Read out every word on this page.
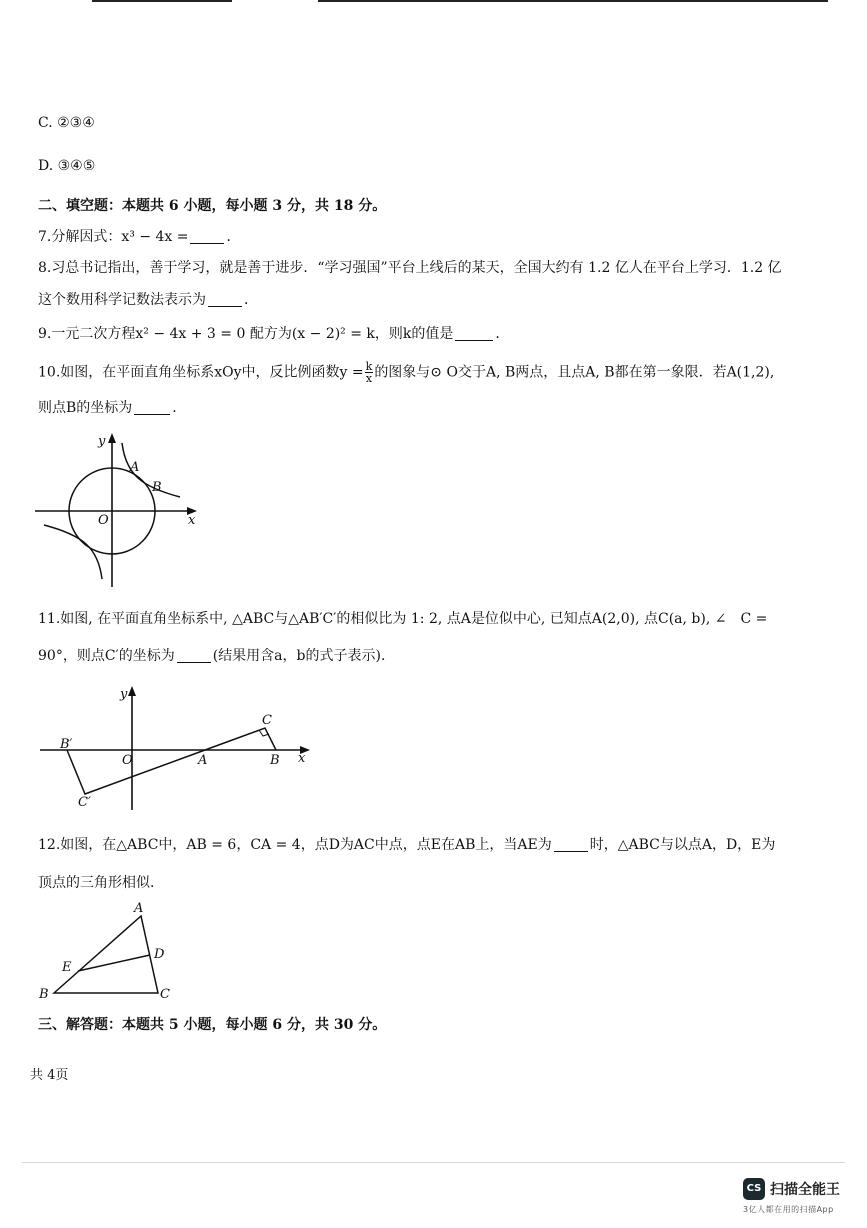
C. ②③④
D. ③④⑤
二、填空题：本题共 6 小题，每小题 3 分，共 18 分。
7.分解因式：x³ − 4x =	．
8.习总书记指出，善于学习，就是善于进步．“学习强国”平台上线后的某天，全国大约有 1.2 亿人在平台上学习．1.2 亿
这个数用科学记数法表示为	．
9.一元二次方程x² − 4x + 3 = 0 配方为(x − 2)² = k，则k的值是	．
10.如图，在平面直角坐标系xOy中，反比例函数$y = \frac{k}{x}$ 的图象与⊙ O交于A, B两点，且点A, B都在第一象限．若A(1,2),
则点B的坐标为	．
A
B
O	x
y
11.如图, 在平面直角坐标系中, △ABC与△AB′C′的相似比为 1: 2, 点A是位似中心, 已知点A(2,0), 点C(a, b), ∠　C =
90°，则点C′的坐标为	(结果用含a，b的式子表示).
C
A	B
O	x
y
B′
C′
12.如图，在△ABC中，AB = 6，CA = 4，点D为AC中点，点E在AB上，当AE为	时，△ABC与以点A，D，E为
顶点的三角形相似.
A
B	C
D
E
三、解答题：本题共 5 小题，每小题 6 分，共 30 分。
共 4页
CS 扫描全能王
3亿人都在用的扫描App
